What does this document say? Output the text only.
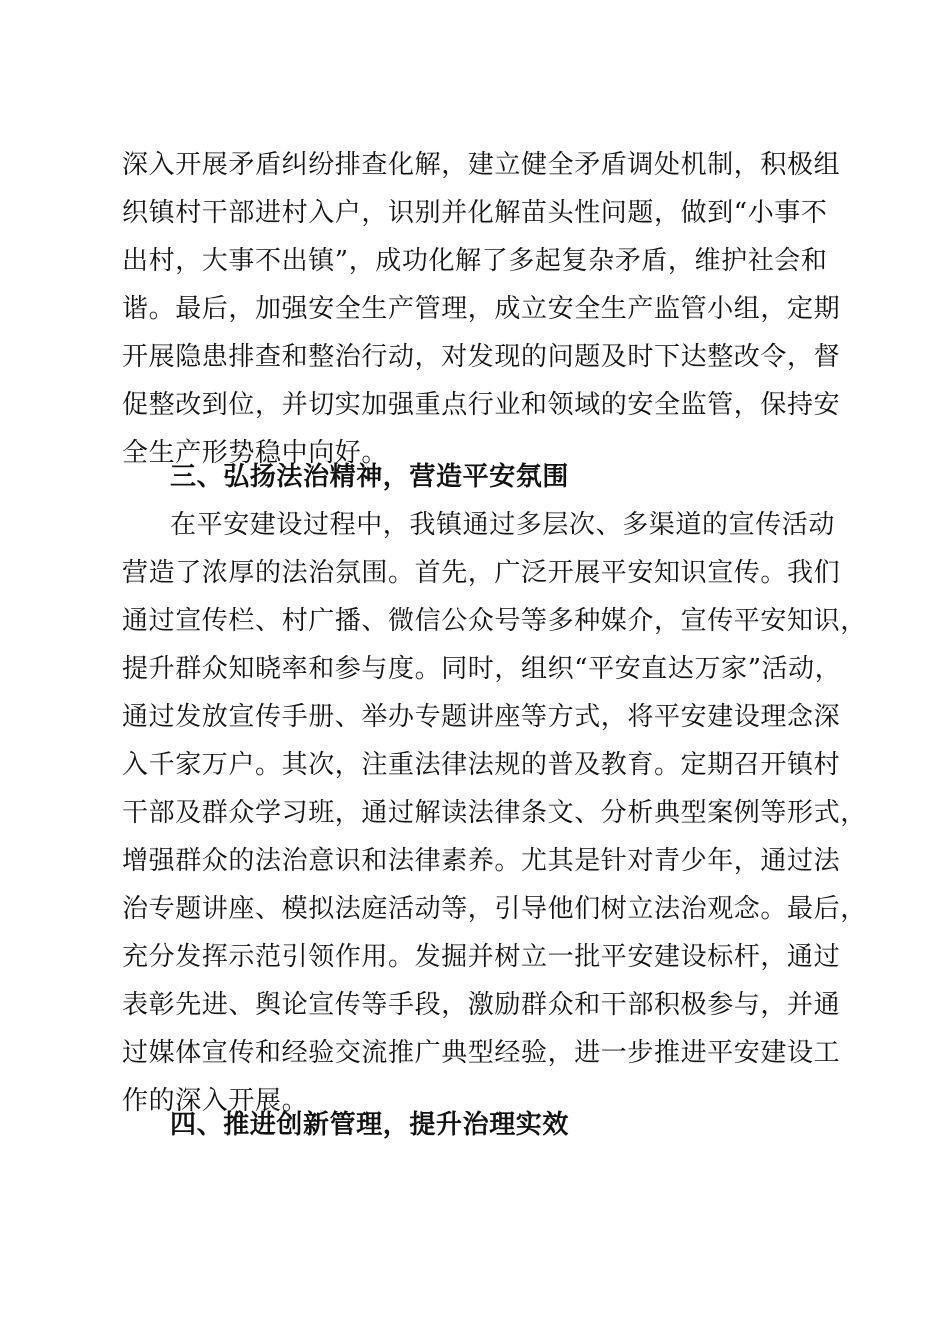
深入开展矛盾纠纷排查化解，建立健全矛盾调处机制，积极组
织镇村干部进村入户，识别并化解苗头性问题，做到“小事不
出村，大事不出镇”，成功化解了多起复杂矛盾，维护社会和
谐。最后，加强安全生产管理，成立安全生产监管小组，定期
开展隐患排查和整治行动，对发现的问题及时下达整改令，督
促整改到位，并切实加强重点行业和领域的安全监管，保持安
全生产形势稳中向好。
三、弘扬法治精神，营造平安氛围
在平安建设过程中，我镇通过多层次、多渠道的宣传活动
营造了浓厚的法治氛围。首先，广泛开展平安知识宣传。我们
通过宣传栏、村广播、微信公众号等多种媒介，宣传平安知识，
提升群众知晓率和参与度。同时，组织“平安直达万家”活动，
通过发放宣传手册、举办专题讲座等方式，将平安建设理念深
入千家万户。其次，注重法律法规的普及教育。定期召开镇村
干部及群众学习班，通过解读法律条文、分析典型案例等形式，
增强群众的法治意识和法律素养。尤其是针对青少年，通过法
治专题讲座、模拟法庭活动等，引导他们树立法治观念。最后，
充分发挥示范引领作用。发掘并树立一批平安建设标杆，通过
表彰先进、舆论宣传等手段，激励群众和干部积极参与，并通
过媒体宣传和经验交流推广典型经验，进一步推进平安建设工
作的深入开展。
四、推进创新管理，提升治理实效
